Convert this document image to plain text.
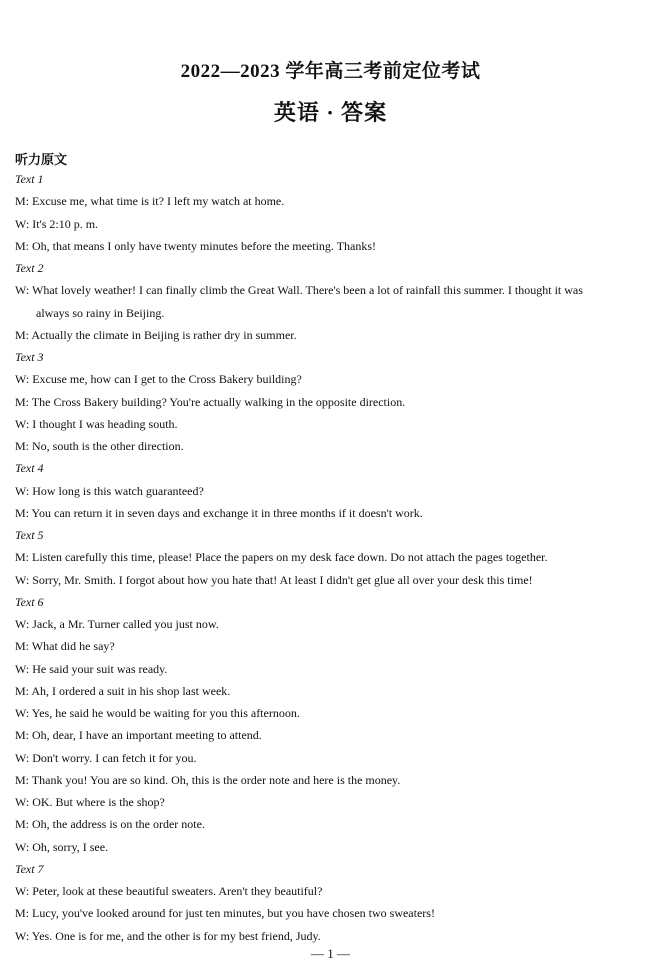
2022—2023 学年高三考前定位考试
英语 · 答案
听力原文
Text 1
M: Excuse me, what time is it? I left my watch at home.
W: It's 2:10 p. m.
M: Oh, that means I only have twenty minutes before the meeting. Thanks!
Text 2
W: What lovely weather! I can finally climb the Great Wall. There's been a lot of rainfall this summer. I thought it was
always so rainy in Beijing.
M: Actually the climate in Beijing is rather dry in summer.
Text 3
W: Excuse me, how can I get to the Cross Bakery building?
M: The Cross Bakery building? You're actually walking in the opposite direction.
W: I thought I was heading south.
M: No, south is the other direction.
Text 4
W: How long is this watch guaranteed?
M: You can return it in seven days and exchange it in three months if it doesn't work.
Text 5
M: Listen carefully this time, please! Place the papers on my desk face down. Do not attach the pages together.
W: Sorry, Mr. Smith. I forgot about how you hate that! At least I didn't get glue all over your desk this time!
Text 6
W: Jack, a Mr. Turner called you just now.
M: What did he say?
W: He said your suit was ready.
M: Ah, I ordered a suit in his shop last week.
W: Yes, he said he would be waiting for you this afternoon.
M: Oh, dear, I have an important meeting to attend.
W: Don't worry. I can fetch it for you.
M: Thank you! You are so kind. Oh, this is the order note and here is the money.
W: OK. But where is the shop?
M: Oh, the address is on the order note.
W: Oh, sorry, I see.
Text 7
W: Peter, look at these beautiful sweaters. Aren't they beautiful?
M: Lucy, you've looked around for just ten minutes, but you have chosen two sweaters!
W: Yes. One is for me, and the other is for my best friend, Judy.
— 1 —
